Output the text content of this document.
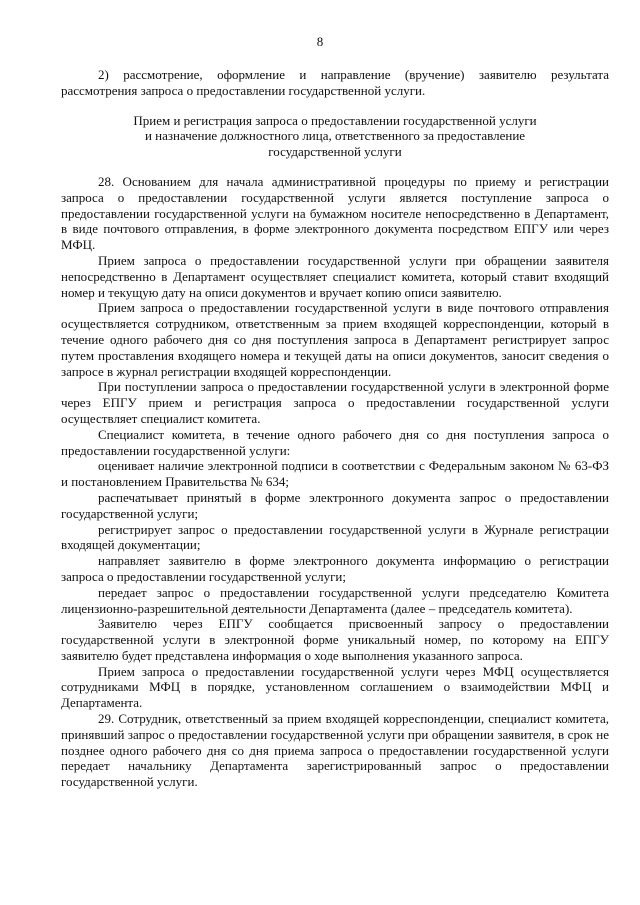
8

2) рассмотрение, оформление и направление (вручение) заявителю результата рассмотрения запроса о предоставлении государственной услуги.

Прием и регистрация запроса о предоставлении государственной услуги

и назначение должностного лица, ответственного за предоставление

государственной услуги

28. Основанием для начала административной процедуры по приему и регистрации запроса о предоставлении государственной услуги является поступление запроса о предоставлении государственной услуги на бумажном носителе непосредственно в Департамент, в виде почтового отправления, в форме электронного документа посредством ЕПГУ или через МФЦ.

Прием запроса о предоставлении государственной услуги при обращении заявителя непосредственно в Департамент осуществляет специалист комитета, который ставит входящий номер и текущую дату на описи документов и вручает копию описи заявителю.

Прием запроса о предоставлении государственной услуги в виде почтового отправления осуществляется сотрудником, ответственным за прием входящей корреспонденции, который в течение одного рабочего дня со дня поступления запроса в Департамент регистрирует запрос путем проставления входящего номера и текущей даты на описи документов, заносит сведения о запросе в журнал регистрации входящей корреспонденции.

При поступлении запроса о предоставлении государственной услуги в электронной форме через ЕПГУ прием и регистрация запроса о предоставлении государственной услуги осуществляет специалист комитета.

Специалист комитета, в течение одного рабочего дня со дня поступления запроса о предоставлении государственной услуги:

оценивает наличие электронной подписи в соответствии с Федеральным законом № 63-ФЗ и постановлением Правительства № 634;

распечатывает принятый в форме электронного документа запрос о предоставлении государственной услуги;

регистрирует запрос о предоставлении государственной услуги в Журнале регистрации входящей документации;

направляет заявителю в форме электронного документа информацию о регистрации запроса о предоставлении государственной услуги;

передает запрос о предоставлении государственной услуги председателю Комитета лицензионно-разрешительной деятельности Департамента (далее – председатель комитета).

Заявителю через ЕПГУ сообщается присвоенный запросу о предоставлении государственной услуги в электронной форме уникальный номер, по которому на ЕПГУ заявителю будет представлена информация о ходе выполнения указанного запроса.

Прием запроса о предоставлении государственной услуги через МФЦ осуществляется сотрудниками МФЦ в порядке, установленном соглашением о взаимодействии МФЦ и Департамента.

29. Сотрудник, ответственный за прием входящей корреспонденции, специалист комитета, принявший запрос о предоставлении государственной услуги при обращении заявителя, в срок не позднее одного рабочего дня со дня приема запроса о предоставлении государственной услуги передает начальнику Департамента зарегистрированный запрос о предоставлении государственной услуги.
